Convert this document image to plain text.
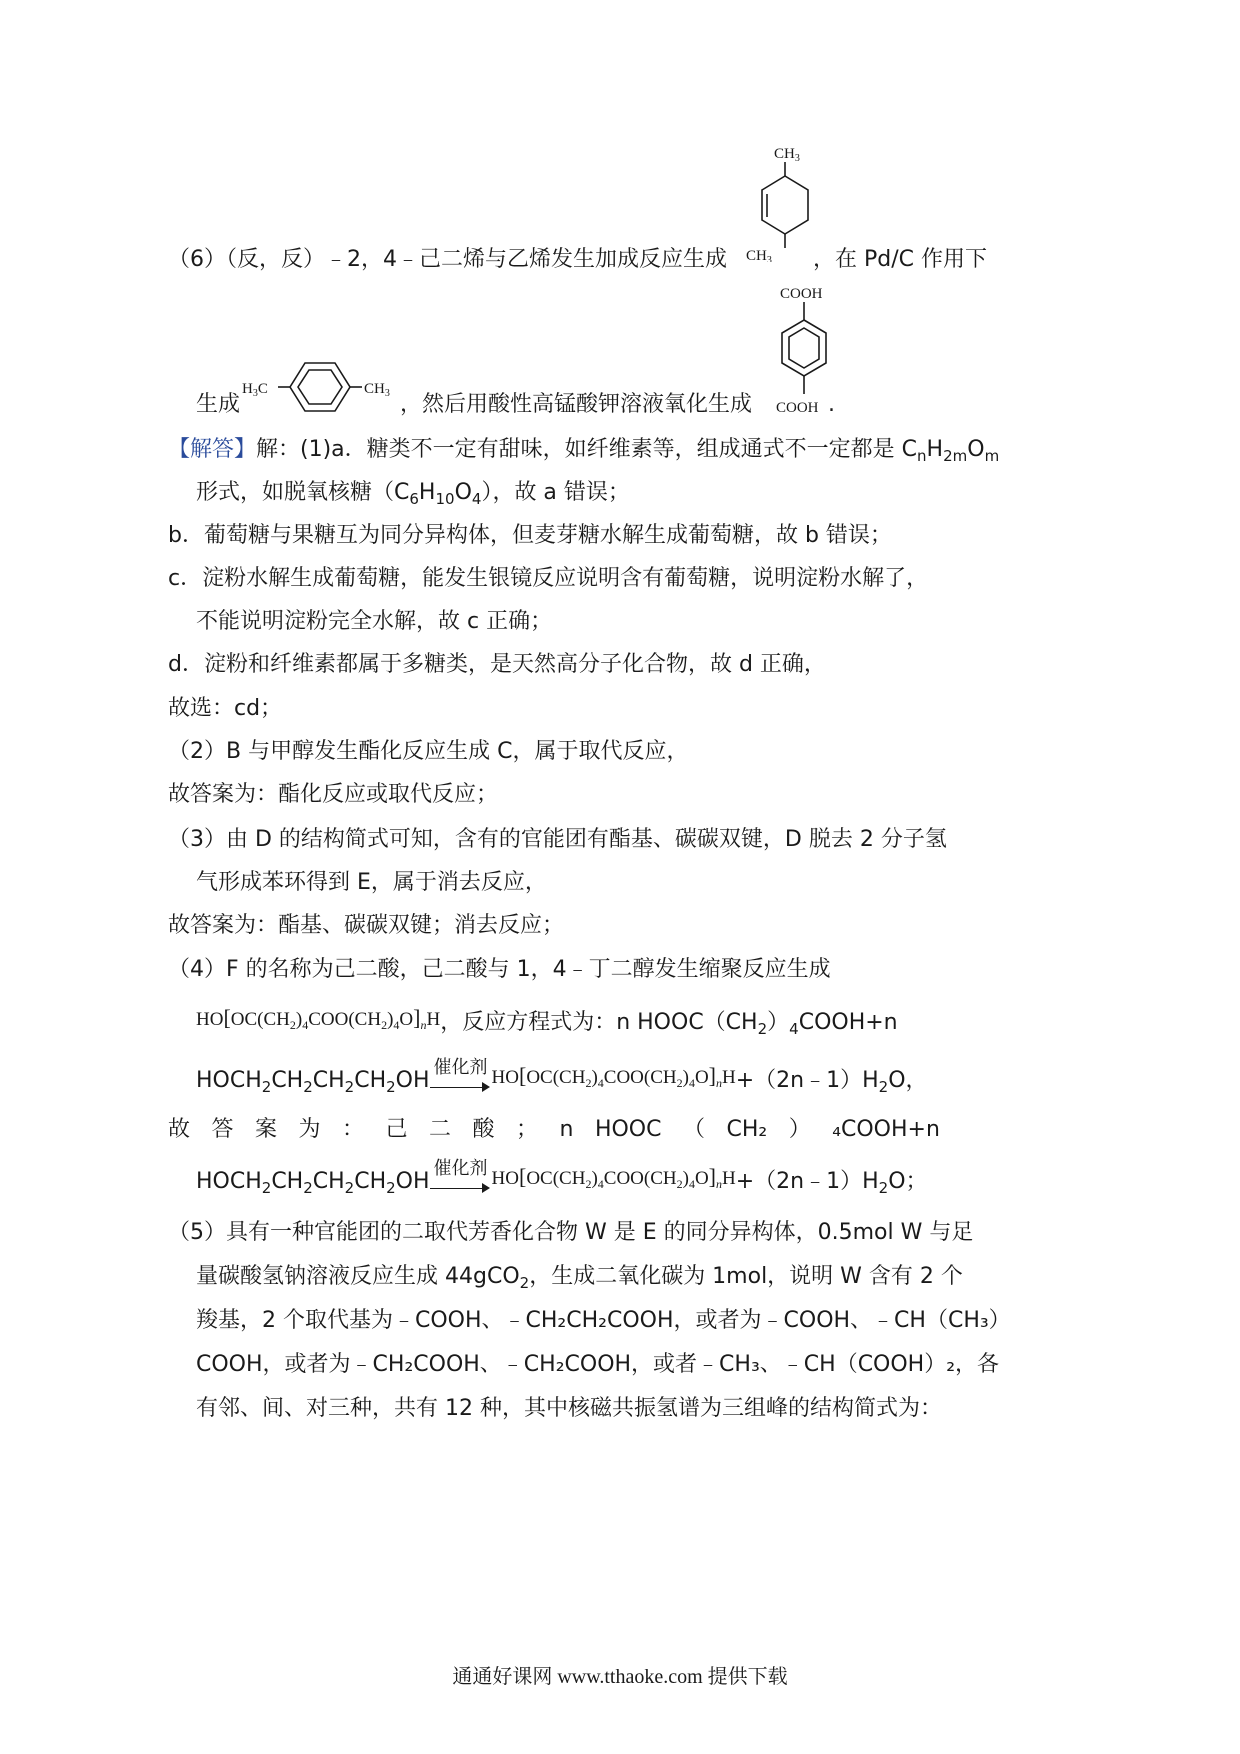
$CH_3$
$CH_3$
（6）（反，反）﹣2，4﹣己二烯与乙烯发生加成反应生成	，在 Pd/C 作用下
$H_3C$	$CH_3$
COOH
COOH
生成	，然后用酸性高锰酸钾溶液氧化生成	.
【解答】解：(1)a．糖类不一定有甜味，如纤维素等，组成通式不一定都是 $C_nH_{2m}O_m$
形式，如脱氧核糖$(C_6H_{10}O_4)$，故 a 错误；
b．葡萄糖与果糖互为同分异构体，但麦芽糖水解生成葡萄糖，故 b 错误；
c．淀粉水解生成葡萄糖，能发生银镜反应说明含有葡萄糖，说明淀粉水解了，
不能说明淀粉完全水解，故 c 正确；
d．淀粉和纤维素都属于多糖类，是天然高分子化合物，故 d 正确，
故选：cd；
（2）B 与甲醇发生酯化反应生成 C，属于取代反应，
故答案为：酯化反应或取代反应；
（3）由 D 的结构简式可知，含有的官能团有酯基、碳碳双键，D 脱去 2 分子氢
气形成苯环得到 E，属于消去反应，
故答案为：酯基、碳碳双键；消去反应；
（4）F 的名称为己二酸，己二酸与 1，4﹣丁二醇发生缩聚反应生成
$HO[OC(CH_2)_4COO(CH_2)_4O]_nH$，反应方程式为：n $HOOC(CH_2)_4COOH+n$
$HOCH_2CH_2CH_2CH_2OH$
催化剂 $HO[OC(CH_2)_4COO(CH_2)_4O]_nH+(2n﹣1)H_2O$，
故 答 案 为 ： 己 二 酸 ； n HOOC （ CH₂ ） ₄COOH+n
$HOCH_2CH_2CH_2CH_2OH$
催化剂 $HO[OC(CH_2)_4COO(CH_2)_4O]_nH+(2n﹣1)H_2O$；
（5）具有一种官能团的二取代芳香化合物 W 是 E 的同分异构体，0.5mol W 与足
量碳酸氢钠溶液反应生成 44gCO$_2$，生成二氧化碳为 1mol，说明 W 含有 2 个
羧基，2 个取代基为﹣COOH、﹣CH₂CH₂COOH，或者为﹣COOH、﹣CH（CH₃）
COOH，或者为﹣CH₂COOH、﹣CH₂COOH，或者﹣CH₃、﹣CH（COOH）₂，各
有邻、间、对三种，共有 12 种，其中核磁共振氢谱为三组峰的结构简式为：
通通好课网 www.tthaoke.com 提供下载
